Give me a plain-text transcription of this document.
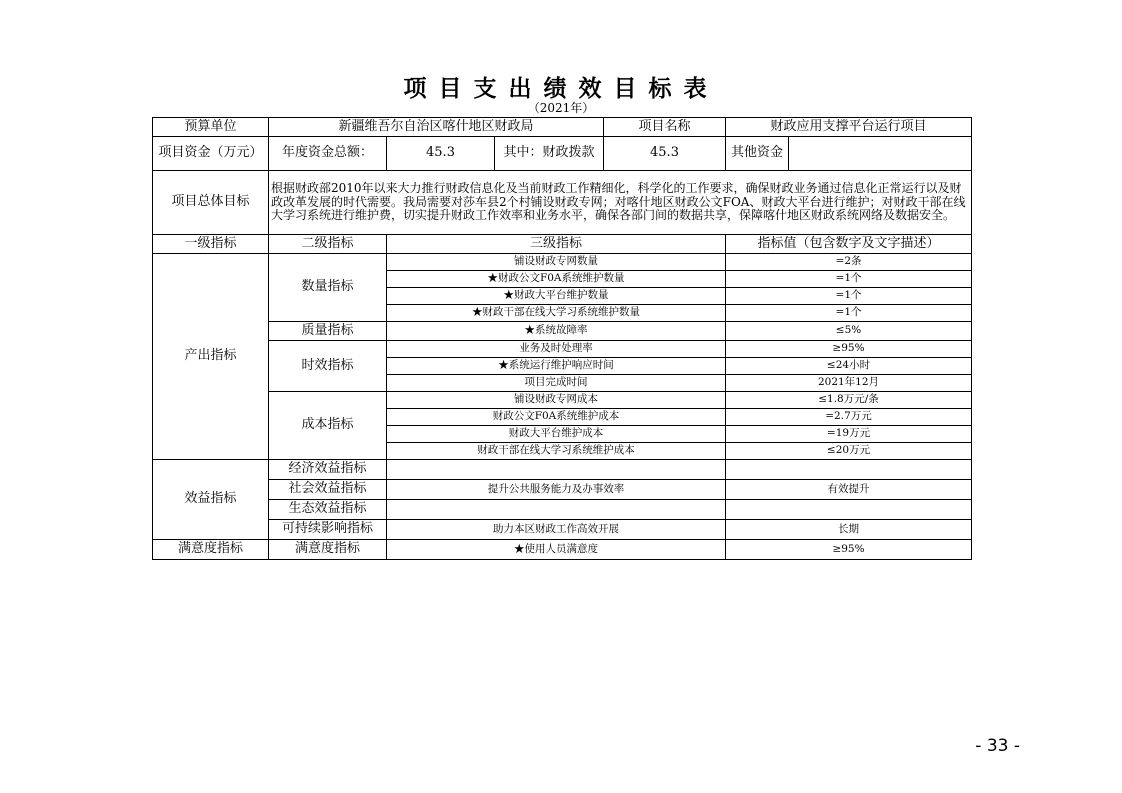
项目支出绩效目标表
（2021年）
预算单位	新疆维吾尔自治区喀什地区财政局			项目名称	财政应用支撑平台运行项目	
项目资金（万元）	年度资金总额：	45.3	其中：财政拨款	45.3	其他资金	
项目总体目标	根据财政部2010年以来大力推行财政信息化及当前财政工作精细化，科学化的工作要求，确保财政业务通过信息化正常运行以及财政改革发展的时代需要。我局需要对莎车县2个村铺设财政专网；对喀什地区财政公文FOA、财政大平台进行维护；对财政干部在线大学习系统进行维护费，切实提升财政工作效率和业务水平，确保各部门间的数据共享，保障喀什地区财政系统网络及数据安全。					
一级指标	二级指标	三级指标			指标值（包含数字及文字描述）	
产出指标	数量指标	铺设财政专网数量			=2条	
		★财政公文F0A系统维护数量			=1个	
		★财政大平台维护数量			=1个	
		★财政干部在线大学习系统维护数量			=1个	
	质量指标	★系统故障率			≤5%	
	时效指标	业务及时处理率			≥95%	
		★系统运行维护响应时间			≤24小时	
		项目完成时间			2021年12月	
	成本指标	铺设财政专网成本			≤1.8万元/条	
		财政公文F0A系统维护成本			=2.7万元	
		财政大平台维护成本			=19万元	
		财政干部在线大学习系统维护成本			≤20万元	
效益指标	经济效益指标					
	社会效益指标	提升公共服务能力及办事效率			有效提升	
	生态效益指标					
	可持续影响指标	助力本区财政工作高效开展			长期	
满意度指标	满意度指标	★使用人员满意度			≥95%	
- 33 -
